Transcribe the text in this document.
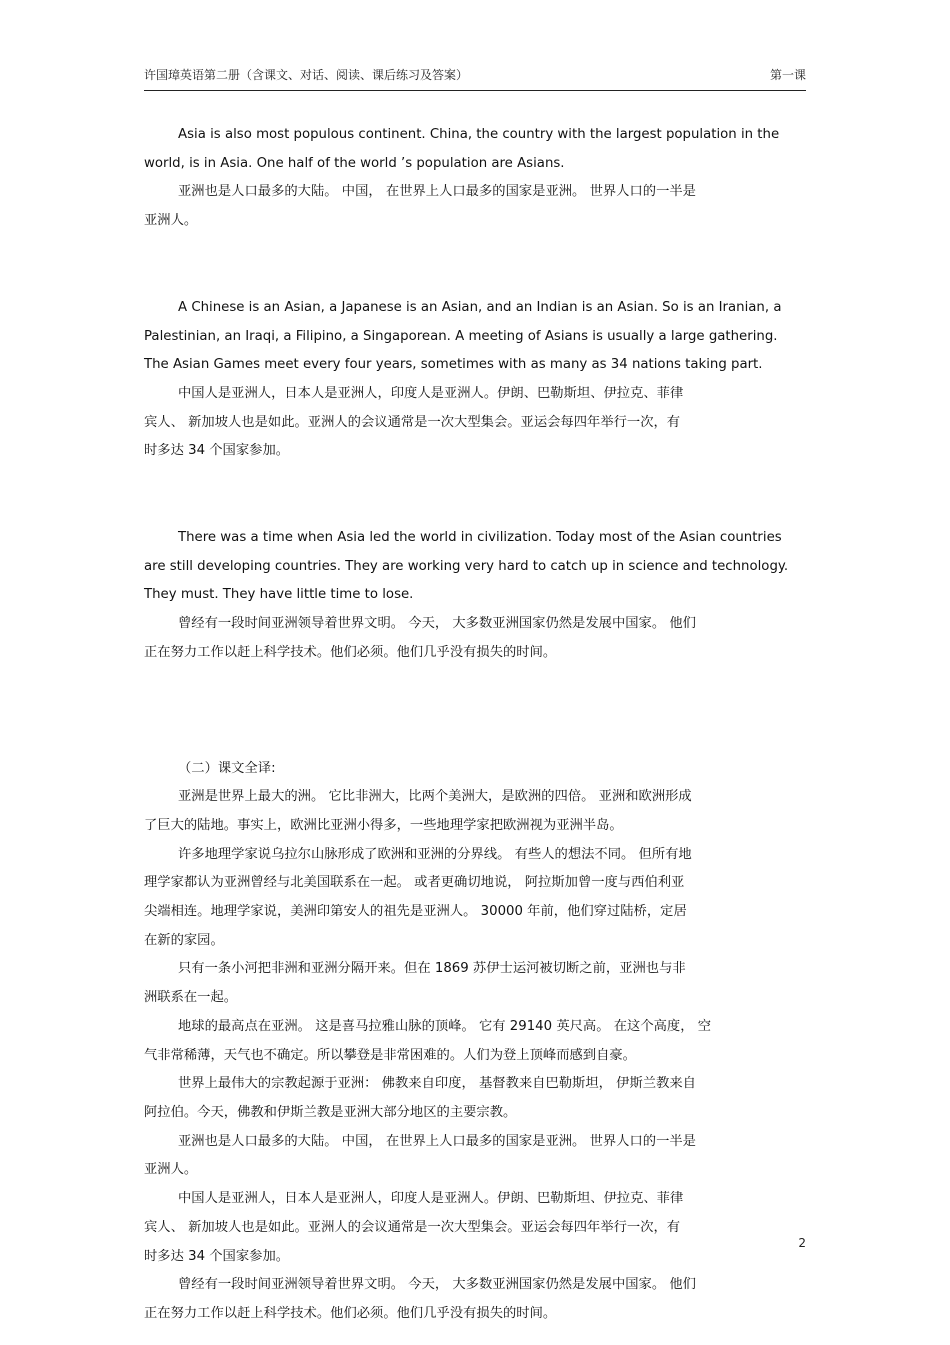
许国璋英语第二册（含课文、对话、阅读、课后练习及答案）	第一课
Asia is also most populous continent. China, the country with the largest population in the
world, is in Asia. One half of the world ’s population are Asians.
亚洲也是人口最多的大陆。 中国， 在世界上人口最多的国家是亚洲。 世界人口的一半是
亚洲人。
A Chinese is an Asian, a Japanese is an Asian, and an Indian is an Asian. So is an Iranian, a
Palestinian, an Iraqi, a Filipino, a Singaporean. A meeting of Asians is usually a large gathering.
The Asian Games meet every four years, sometimes with as many as 34 nations taking part.
中国人是亚洲人，日本人是亚洲人，印度人是亚洲人。伊朗、巴勒斯坦、伊拉克、菲律
宾人、 新加坡人也是如此。亚洲人的会议通常是一次大型集会。亚运会每四年举行一次，有
时多达 34 个国家参加。
There was a time when Asia led the world in civilization. Today most of the Asian countries
are still developing countries. They are working very hard to catch up in science and technology.
They must. They have little time to lose.
曾经有一段时间亚洲领导着世界文明。 今天， 大多数亚洲国家仍然是发展中国家。 他们
正在努力工作以赶上科学技术。他们必须。他们几乎没有损失的时间。
（二）课文全译:
亚洲是世界上最大的洲。 它比非洲大，比两个美洲大，是欧洲的四倍。 亚洲和欧洲形成
了巨大的陆地。事实上，欧洲比亚洲小得多，一些地理学家把欧洲视为亚洲半岛。
许多地理学家说乌拉尔山脉形成了欧洲和亚洲的分界线。 有些人的想法不同。 但所有地
理学家都认为亚洲曾经与北美国联系在一起。 或者更确切地说， 阿拉斯加曾一度与西伯利亚
尖端相连。地理学家说，美洲印第安人的祖先是亚洲人。 30000 年前，他们穿过陆桥，定居
在新的家园。
只有一条小河把非洲和亚洲分隔开来。但在 1869 苏伊士运河被切断之前，亚洲也与非
洲联系在一起。
地球的最高点在亚洲。 这是喜马拉雅山脉的顶峰。 它有 29140 英尺高。 在这个高度， 空
气非常稀薄，天气也不确定。所以攀登是非常困难的。人们为登上顶峰而感到自豪。
世界上最伟大的宗教起源于亚洲： 佛教来自印度， 基督教来自巴勒斯坦， 伊斯兰教来自
阿拉伯。今天，佛教和伊斯兰教是亚洲大部分地区的主要宗教。
亚洲也是人口最多的大陆。 中国， 在世界上人口最多的国家是亚洲。 世界人口的一半是
亚洲人。
中国人是亚洲人，日本人是亚洲人，印度人是亚洲人。伊朗、巴勒斯坦、伊拉克、菲律
宾人、 新加坡人也是如此。亚洲人的会议通常是一次大型集会。亚运会每四年举行一次，有
时多达 34 个国家参加。
曾经有一段时间亚洲领导着世界文明。 今天， 大多数亚洲国家仍然是发展中国家。 他们
正在努力工作以赶上科学技术。他们必须。他们几乎没有损失的时间。
2
